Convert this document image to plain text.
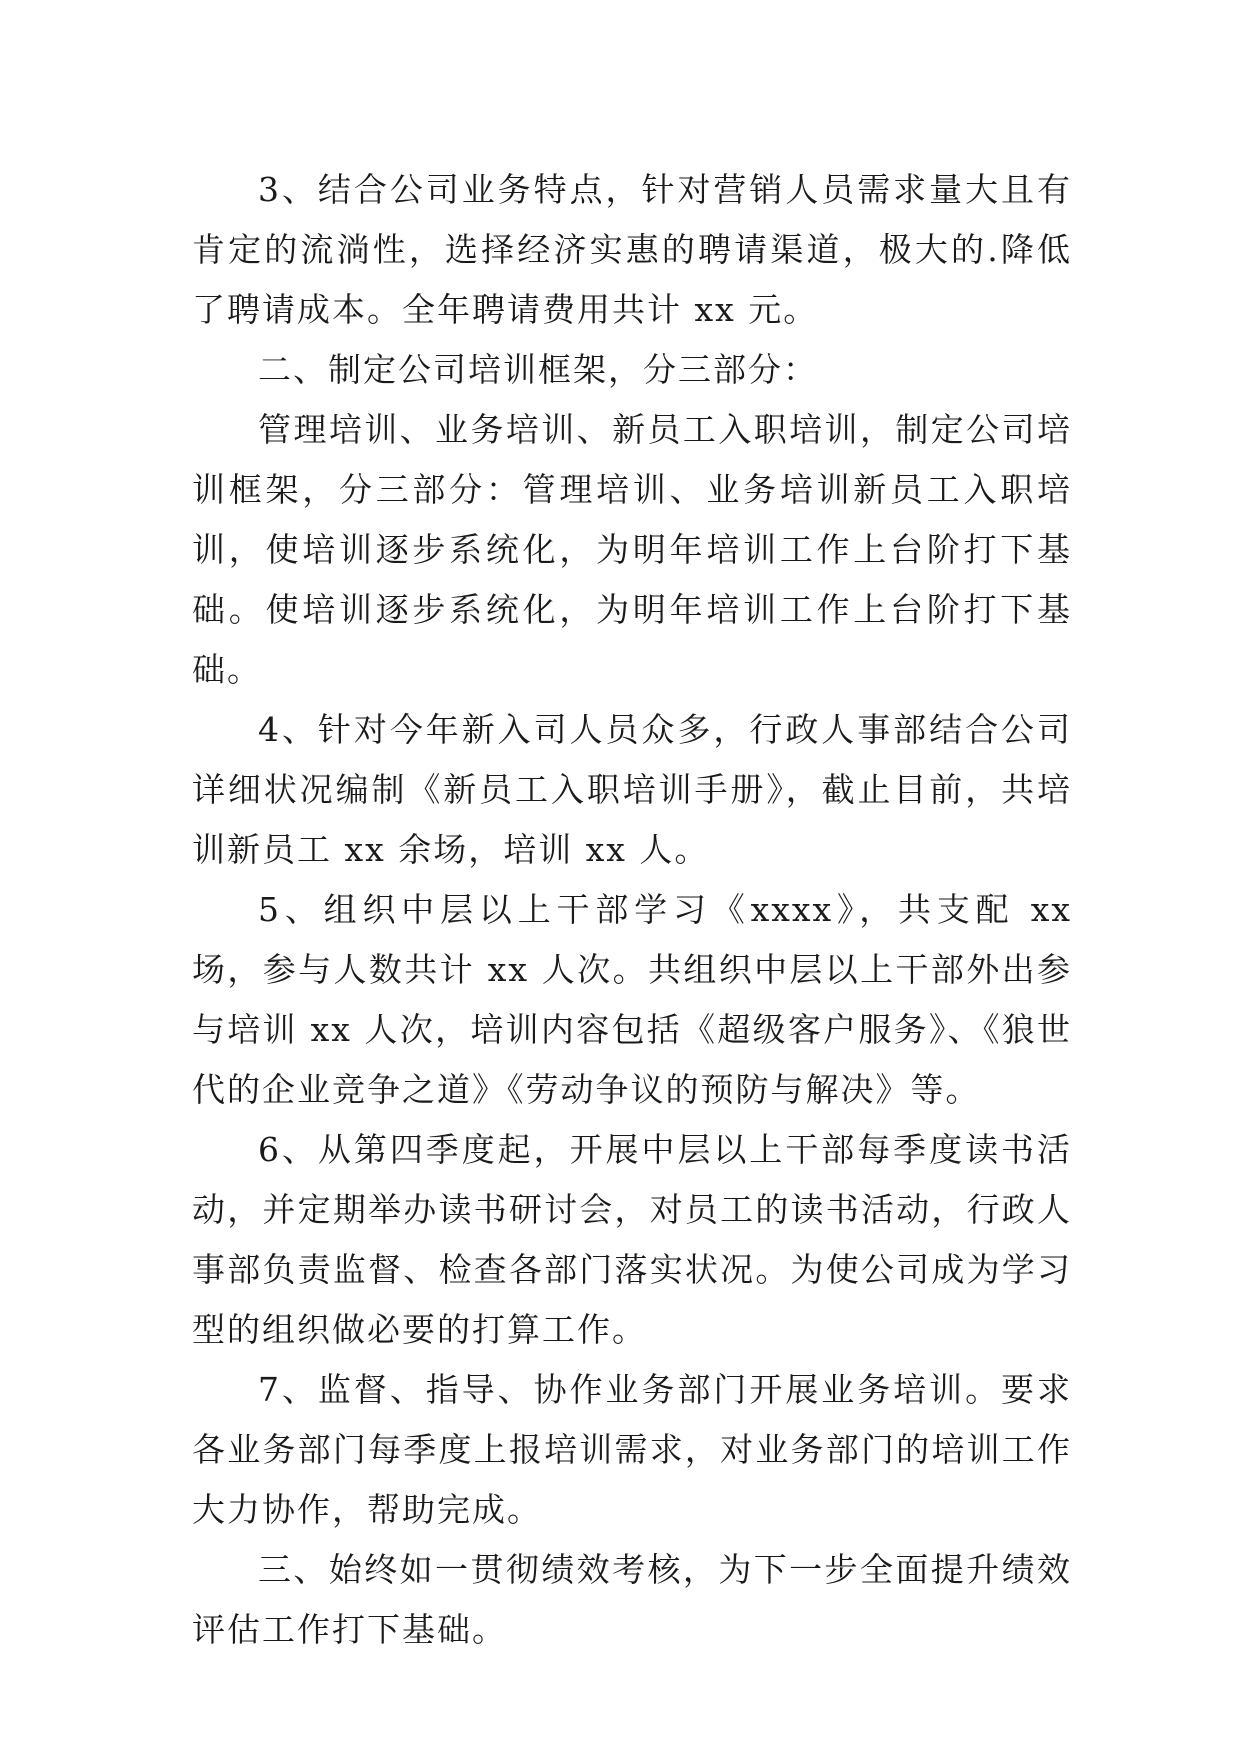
3、结合公司业务特点，针对营销人员需求量大且有肯定的流淌性，选择经济实惠的聘请渠道，极大的.降低了聘请成本。全年聘请费用共计 xx 元。

二、制定公司培训框架，分三部分：

管理培训、业务培训、新员工入职培训，制定公司培训框架，分三部分：管理培训、业务培训新员工入职培训，使培训逐步系统化，为明年培训工作上台阶打下基础。使培训逐步系统化，为明年培训工作上台阶打下基础。

4、针对今年新入司人员众多，行政人事部结合公司详细状况编制《新员工入职培训手册》，截止目前，共培训新员工 xx 余场，培训 xx 人。

5、组织中层以上干部学习《xxxx》，共支配 xx 场，参与人数共计 xx 人次。共组织中层以上干部外出参与培训 xx 人次，培训内容包括《超级客户服务》、《狼世代的企业竞争之道》《劳动争议的预防与解决》等。

6、从第四季度起，开展中层以上干部每季度读书活动，并定期举办读书研讨会，对员工的读书活动，行政人事部负责监督、检查各部门落实状况。为使公司成为学习型的组织做必要的打算工作。

7、监督、指导、协作业务部门开展业务培训。要求各业务部门每季度上报培训需求，对业务部门的培训工作大力协作，帮助完成。

三、始终如一贯彻绩效考核，为下一步全面提升绩效评估工作打下基础。
